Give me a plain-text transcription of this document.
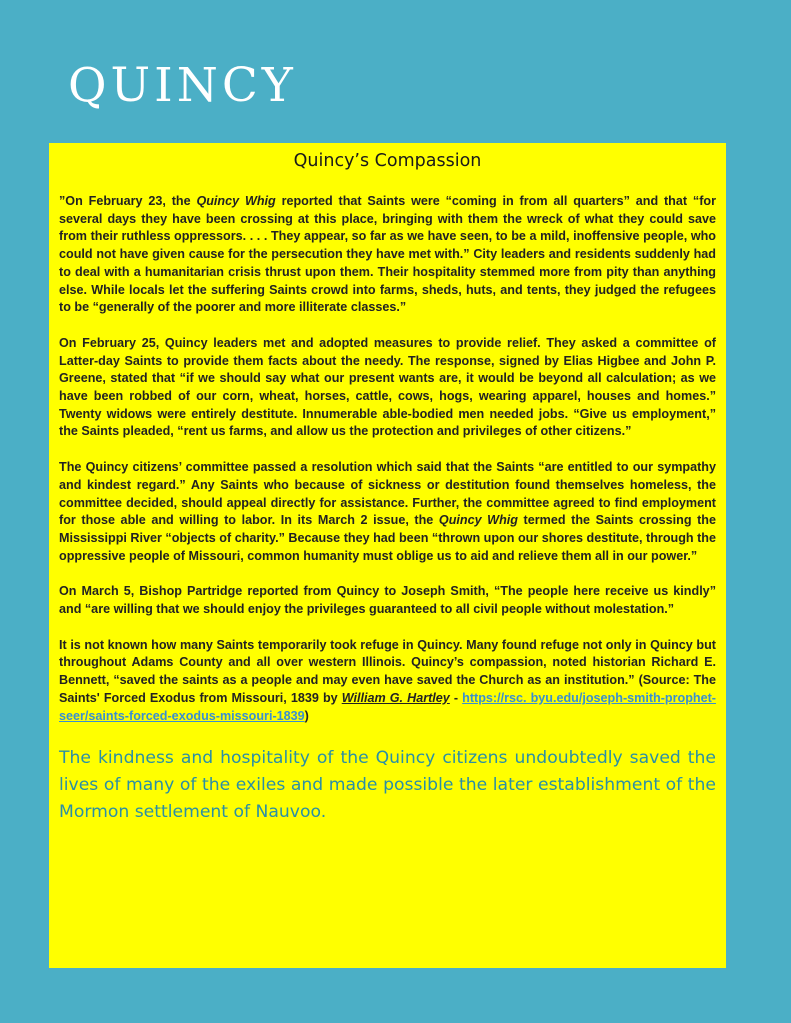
QUINCY
Quincy’s Compassion

”On February 23, the Quincy Whig reported that Saints were “coming in from all quarters” and that “for several days they have been crossing at this place, bringing with them the wreck of what they could save from their ruthless oppressors. . . . They appear, so far as we have seen, to be a mild, inoffensive people, who could not have given cause for the persecution they have met with.” City leaders and residents suddenly had to deal with a humanitarian crisis thrust upon them. Their hospitality stemmed more from pity than anything else. While locals let the suffering Saints crowd into farms, sheds, huts, and tents, they judged the refugees to be “generally of the poorer and more illiterate classes.”

On February 25, Quincy leaders met and adopted measures to provide relief. They asked a committee of Latter-day Saints to provide them facts about the needy. The response, signed by Elias Higbee and John P. Greene, stated that “if we should say what our present wants are, it would be beyond all calculation; as we have been robbed of our corn, wheat, horses, cattle, cows, hogs, wearing apparel, houses and homes.” Twenty widows were entirely destitute. Innumerable able-bodied men needed jobs. “Give us employment,” the Saints pleaded, “rent us farms, and allow us the protection and privileges of other citizens.”

The Quincy citizens’ committee passed a resolution which said that the Saints “are entitled to our sympathy and kindest regard.” Any Saints who because of sickness or destitution found themselves homeless, the committee decided, should appeal directly for assistance. Further, the committee agreed to find employment for those able and willing to labor. In its March 2 issue, the Quincy Whig termed the Saints crossing the Mississippi River “objects of charity.” Because they had been “thrown upon our shores destitute, through the oppressive people of Missouri, common humanity must oblige us to aid and relieve them all in our power.”

On March 5, Bishop Partridge reported from Quincy to Joseph Smith, “The people here receive us kindly” and “are willing that we should enjoy the privileges guaranteed to all civil people without molestation.”

It is not known how many Saints temporarily took refuge in Quincy. Many found refuge not only in Quincy but throughout Adams County and all over western Illinois. Quincy’s compassion, noted historian Richard E. Bennett, “saved the saints as a people and may even have saved the Church as an institution.” (Source: The Saints' Forced Exodus from Missouri, 1839 by William G. Hartley - https://rsc. byu.edu/joseph-smith-prophet-seer/saints-forced-exodus-missouri-1839)

The kindness and hospitality of the Quincy citizens undoubtedly saved the lives of many of the exiles and made possible the later establishment of the Mormon settlement of Nauvoo.
